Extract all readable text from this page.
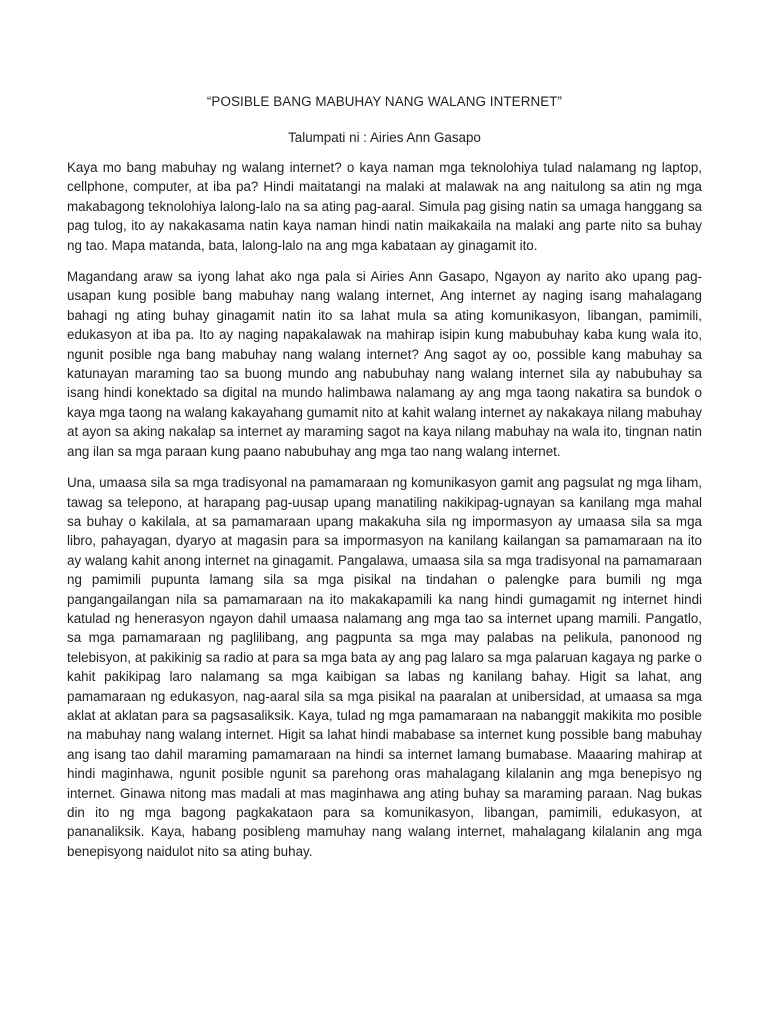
“POSIBLE BANG MABUHAY NANG WALANG INTERNET”
Talumpati ni : Airies Ann Gasapo

Kaya mo bang mabuhay ng walang internet? o kaya naman mga teknolohiya tulad nalamang ng laptop, cellphone, computer, at iba pa? Hindi maitatangi na malaki at malawak na ang naitulong sa atin ng mga makabagong teknolohiya lalong-lalo na sa ating pag-aaral. Simula pag gising natin sa umaga hanggang sa pag tulog, ito ay nakakasama natin kaya naman hindi natin maikakaila na malaki ang parte nito sa buhay ng tao. Mapa matanda, bata, lalong-lalo na ang mga kabataan ay ginagamit ito.

Magandang araw sa iyong lahat ako nga pala si Airies Ann Gasapo, Ngayon ay narito ako upang pag-usapan kung posible bang mabuhay nang walang internet, Ang internet ay naging isang mahalagang bahagi ng ating buhay ginagamit natin ito sa lahat mula sa ating komunikasyon, libangan, pamimili, edukasyon at iba pa. Ito ay naging napakalawak na mahirap isipin kung mabubuhay kaba kung wala ito, ngunit posible nga bang mabuhay nang walang internet? Ang sagot ay oo, possible kang mabuhay sa katunayan maraming tao sa buong mundo ang nabubuhay nang walang internet sila ay nabubuhay sa isang hindi konektado sa digital na mundo halimbawa nalamang ay ang mga taong nakatira sa bundok o kaya mga taong na walang kakayahang gumamit nito at kahit walang internet ay nakakaya nilang mabuhay at ayon sa aking nakalap sa internet ay maraming sagot na kaya nilang mabuhay na wala ito, tingnan natin ang ilan sa mga paraan kung paano nabubuhay ang mga tao nang walang internet.

Una, umaasa sila sa mga tradisyonal na pamamaraan ng komunikasyon gamit ang pagsulat ng mga liham, tawag sa telepono, at harapang pag-uusap upang manatiling nakikipag-ugnayan sa kanilang mga mahal sa buhay o kakilala, at sa pamamaraan upang makakuha sila ng impormasyon ay umaasa sila sa mga libro, pahayagan, dyaryo at magasin para sa impormasyon na kanilang kailangan sa pamamaraan na ito ay walang kahit anong internet na ginagamit. Pangalawa, umaasa sila sa mga tradisyonal na pamamaraan ng pamimili pupunta lamang sila sa mga pisikal na tindahan o palengke para bumili ng mga pangangailangan nila sa pamamaraan na ito makakapamili ka nang hindi gumagamit ng internet hindi katulad ng henerasyon ngayon dahil umaasa nalamang ang mga tao sa internet upang mamili. Pangatlo, sa mga pamamaraan ng paglilibang, ang pagpunta sa mga may palabas na pelikula, panonood ng telebisyon, at pakikinig sa radio at para sa mga bata ay ang pag lalaro sa mga palaruan kagaya ng parke o kahit pakikipag laro nalamang sa mga kaibigan sa labas ng kanilang bahay. Higit sa lahat, ang pamamaraan ng edukasyon, nag-aaral sila sa mga pisikal na paaralan at unibersidad, at umaasa sa mga aklat at aklatan para sa pagsasaliksik. Kaya, tulad ng mga pamamaraan na nabanggit makikita mo posible na mabuhay nang walang internet. Higit sa lahat hindi mababase sa internet kung possible bang mabuhay ang isang tao dahil maraming pamamaraan na hindi sa internet lamang bumabase. Maaaring mahirap at hindi maginhawa, ngunit posible ngunit sa parehong oras mahalagang kilalanin ang mga benepisyo ng internet. Ginawa nitong mas madali at mas maginhawa ang ating buhay sa maraming paraan. Nag bukas din ito ng mga bagong pagkakataon para sa komunikasyon, libangan, pamimili, edukasyon, at pananaliksik. Kaya, habang posibleng mamuhay nang walang internet, mahalagang kilalanin ang mga benepisyong naidulot nito sa ating buhay.
